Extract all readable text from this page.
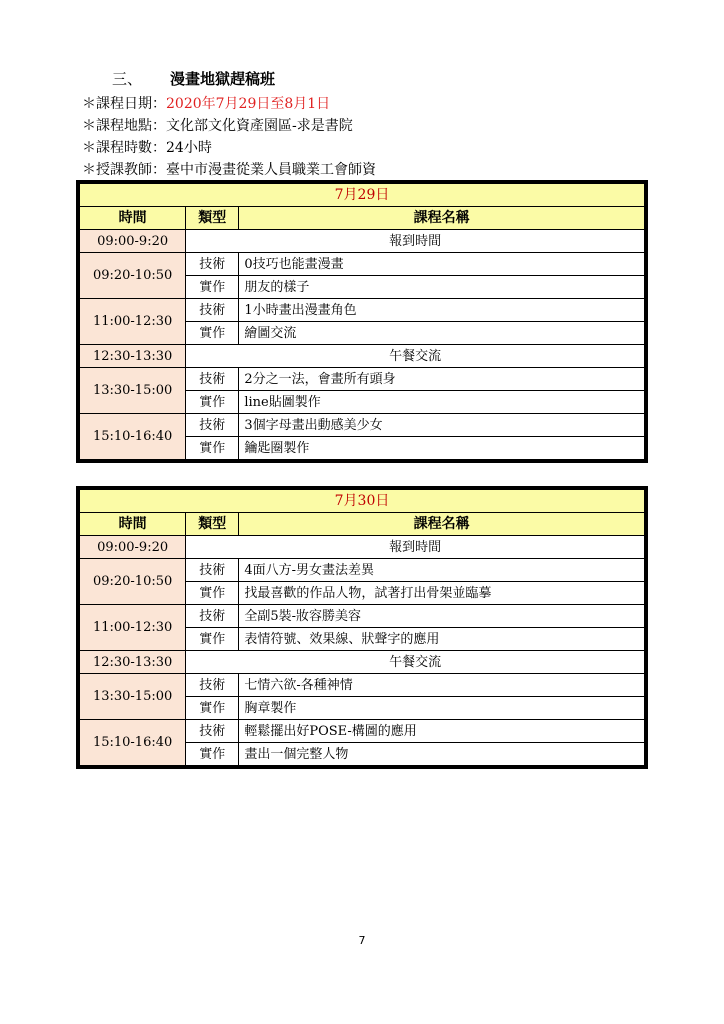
三、 漫畫地獄趕稿班
＊課程日期：2020年7月29日至8月1日
＊課程地點：文化部文化資產園區-求是書院
＊課程時數：24小時
＊授課教師：臺中市漫畫從業人員職業工會師資
7月29日		
時間	類型	課程名稱
09:00-9:20	報到時間	
09:20-10:50	技術	0技巧也能畫漫畫
	實作	朋友的樣子
11:00-12:30	技術	1小時畫出漫畫角色
	實作	繪圖交流
12:30-13:30	午餐交流	
13:30-15:00	技術	2分之一法，會畫所有頭身
	實作	line貼圖製作
15:10-16:40	技術	3個字母畫出動感美少女
	實作	鑰匙圈製作
7月30日		
時間	類型	課程名稱
09:00-9:20	報到時間	
09:20-10:50	技術	4面八方-男女畫法差異
	實作	找最喜歡的作品人物，試著打出骨架並臨摹
11:00-12:30	技術	全副5裝-妝容勝美容
	實作	表情符號、效果線、狀聲字的應用
12:30-13:30	午餐交流	
13:30-15:00	技術	七情六欲-各種神情
	實作	胸章製作
15:10-16:40	技術	輕鬆擺出好POSE-構圖的應用
	實作	畫出一個完整人物
7
